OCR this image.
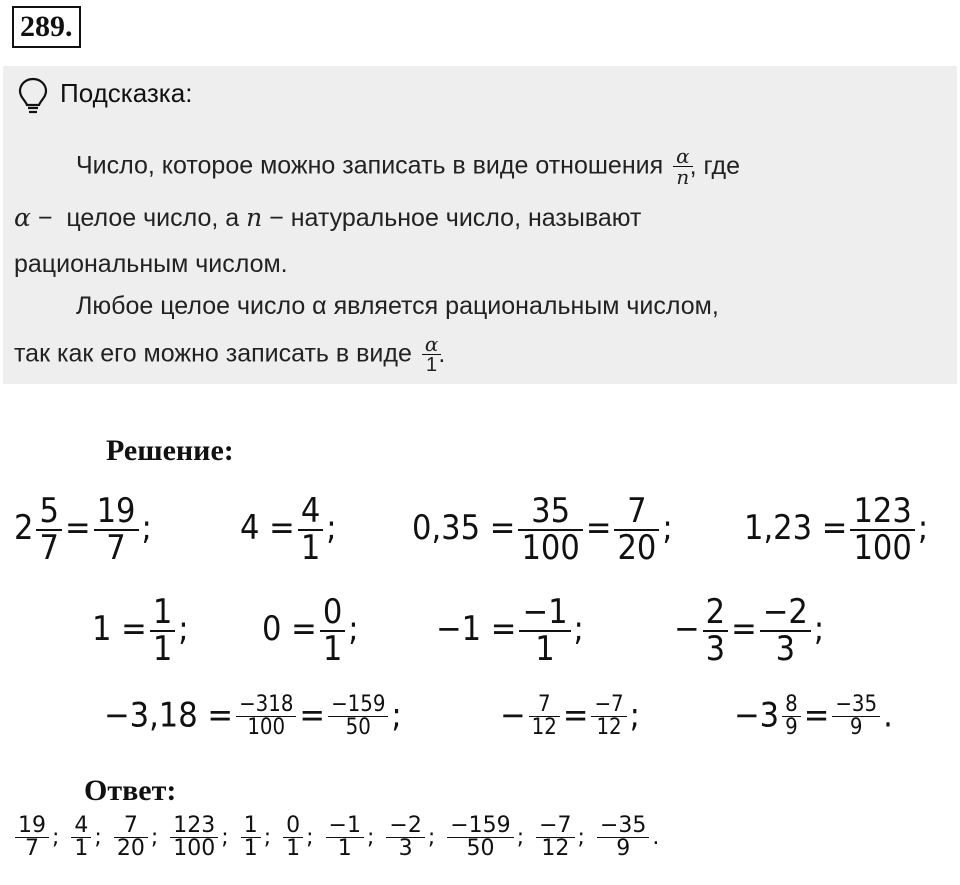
289.
Подсказка:
Число, которое можно записать в виде отношения $\frac{\alpha}{n}$
, где
α − целое число, а n − натуральное число, называют
рациональным числом.
Любое целое число α является рациональным числом,
так как его можно записать в виде $\frac{\alpha}{1}$
.
Решение:
$2 \frac{5}{7} = \frac{19}{7}$ ;	$4 = \frac{4}{1}$ ; $0,35 = \frac{35}{100} = \frac{7}{20}$ ; $1,23 = \frac{123}{100}$ ;
$1 = \frac{1}{1}$ ; $0 = \frac{0}{1}$ ; $-1 = \frac{-1}{1}$ ;	− $\frac{2}{3} = \frac{-2}{3}$ ;
$-3,18 = \frac{-318}{100} = \frac{-159}{50}$ ;	− $\frac{7}{12} = \frac{-7}{12}$ ;	$-3 \frac{8}{9} = \frac{-35}{9}$ .
Ответ:
$\frac{19}{7}$ ; $\frac{4}{1}$ ; $\frac{7}{20}$ ; $\frac{123}{100}$ ; $\frac{1}{1}$ ; $\frac{0}{1}$ ; $\frac{-1}{1}$ ; $\frac{-2}{3}$ ; $\frac{-159}{50}$ ; $\frac{-7}{12}$ ; $\frac{-35}{9}$ .
